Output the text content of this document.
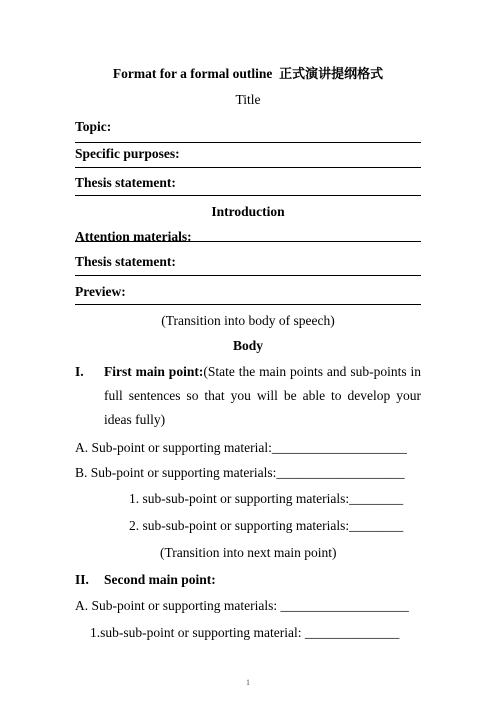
Format for a formal outline 正式演讲提纲格式
Title
Topic:
Specific purposes:
Thesis statement:
Introduction
Attention materials:
Thesis statement:
Preview:
(Transition into body of speech)
Body
I. First main point:(State the main points and sub-points in full sentences so that you will be able to develop your ideas fully)
A. Sub-point or supporting material:____________________
B. Sub-point or supporting materials:___________________
1. sub-sub-point or supporting materials:________
2. sub-sub-point or supporting materials:________
(Transition into next main point)
II. Second main point:
A. Sub-point or supporting materials: ___________________
1.sub-sub-point or supporting material: ______________
1
